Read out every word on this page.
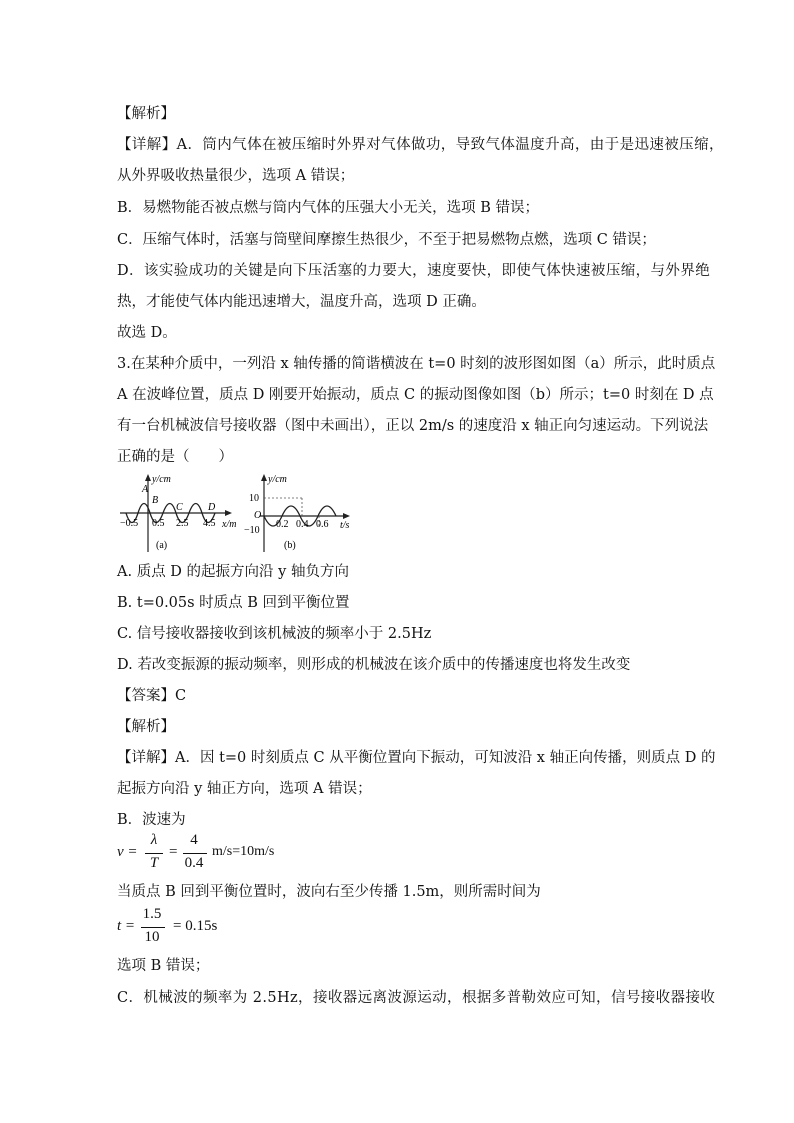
【解析】
【详解】A．筒内气体在被压缩时外界对气体做功，导致气体温度升高，由于是迅速被压缩，
从外界吸收热量很少，选项 A 错误；
B．易燃物能否被点燃与筒内气体的压强大小无关，选项 B 错误；
C．压缩气体时，活塞与筒壁间摩擦生热很少，不至于把易燃物点燃，选项 C 错误；
D．该实验成功的关键是向下压活塞的力要大，速度要快，即使气体快速被压缩，与外界绝
热，才能使气体内能迅速增大，温度升高，选项 D 正确。
故选 D。
3.在某种介质中，一列沿 x 轴传播的简谐横波在 t=0 时刻的波形图如图（a）所示，此时质点
A 在波峰位置，质点 D 刚要开始振动，质点 C 的振动图像如图（b）所示；t=0 时刻在 D 点
有一台机械波信号接收器（图中未画出），正以 2m/s 的速度沿 x 轴正向匀速运动。下列说法
正确的是（　　）
y/cm
x/m
A
B
C	D
−0.5 0.5 2.5 4.5
(a)
y/cm
t/s
10
O
−10
0.2 0.4 0.6
(b)
A. 质点 D 的起振方向沿 y 轴负方向
B. t=0.05s 时质点 B 回到平衡位置
C. 信号接收器接收到该机械波的频率小于 2.5Hz
D. 若改变振源的振动频率，则形成的机械波在该介质中的传播速度也将发生改变
【答案】C
【解析】
【详解】A．因 t=0 时刻质点 C 从平衡位置向下振动，可知波沿 x 轴正向传播，则质点 D 的
起振方向沿 y 轴正方向，选项 A 错误；
B．波速为
v =
λ
T
=
4
0.4
m/s=10m/s
当质点 B 回到平衡位置时，波向右至少传播 1.5m，则所需时间为
t =
1.5
10
= 0.15s
选项 B 错误；
C．机械波的频率为 2.5Hz，接收器远离波源运动，根据多普勒效应可知，信号接收器接收
